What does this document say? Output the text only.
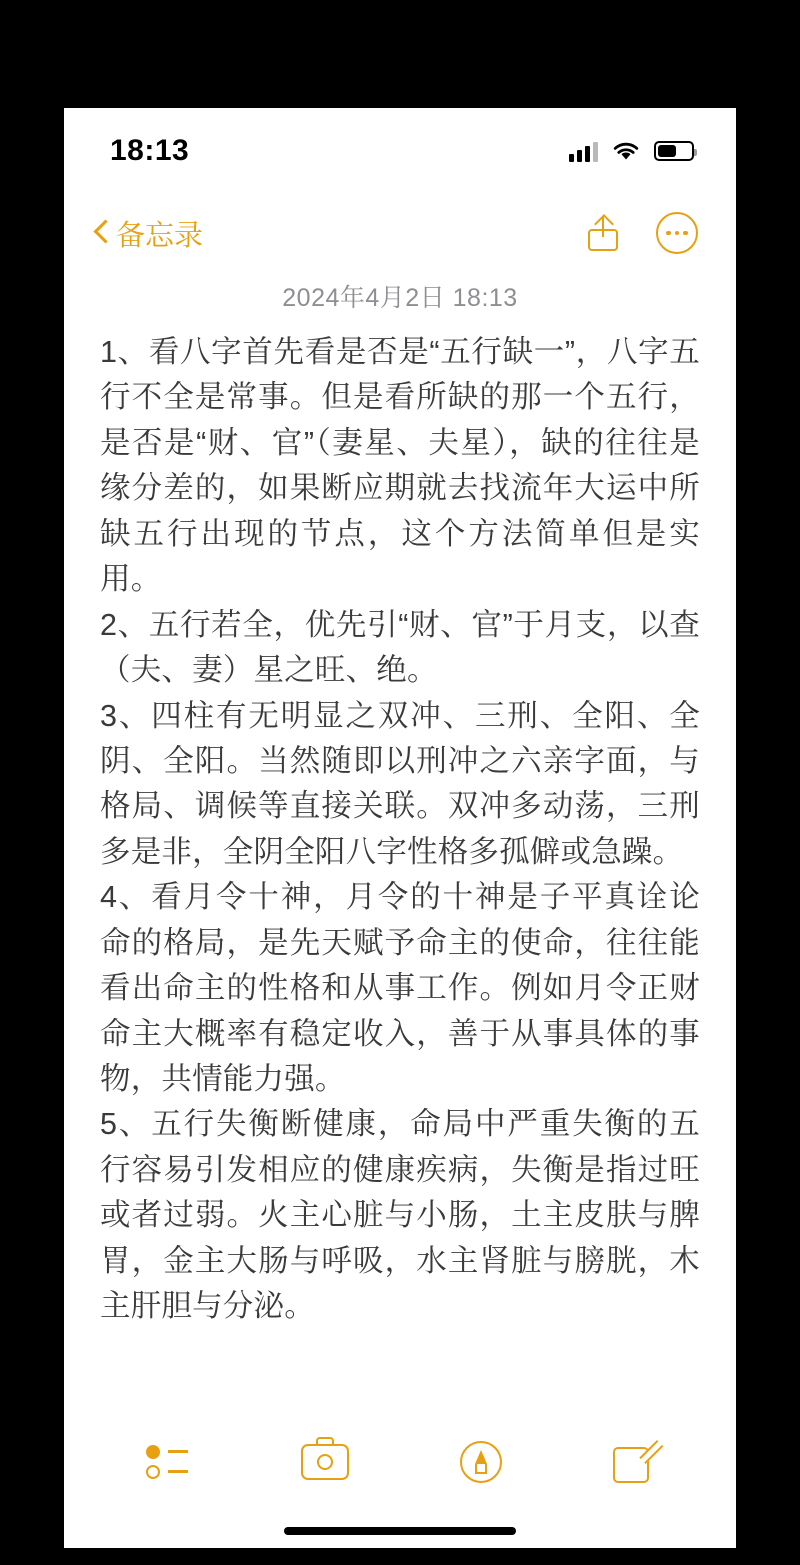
18:13
备忘录
2024年4月2日 18:13

1、看八字首先看是否是“五行缺一”，八字五行不全是常事。但是看所缺的那一个五行，是否是“财、官”（妻星、夫星），缺的往往是缘分差的，如果断应期就去找流年大运中所缺五行出现的节点，这个方法简单但是实用。

2、五行若全，优先引“财、官”于月支，以查（夫、妻）星之旺、绝。

3、四柱有无明显之双冲、三刑、全阳、全阴、全阳。当然随即以刑冲之六亲字面，与格局、调候等直接关联。双冲多动荡，三刑多是非，全阴全阳八字性格多孤僻或急躁。

4、看月令十神，月令的十神是子平真诠论命的格局，是先天赋予命主的使命，往往能看出命主的性格和从事工作。例如月令正财命主大概率有稳定收入，善于从事具体的事物，共情能力强。

5、五行失衡断健康，命局中严重失衡的五行容易引发相应的健康疾病，失衡是指过旺或者过弱。火主心脏与小肠，土主皮肤与脾胃，金主大肠与呼吸，水主肾脏与膀胱，木主肝胆与分泌。
